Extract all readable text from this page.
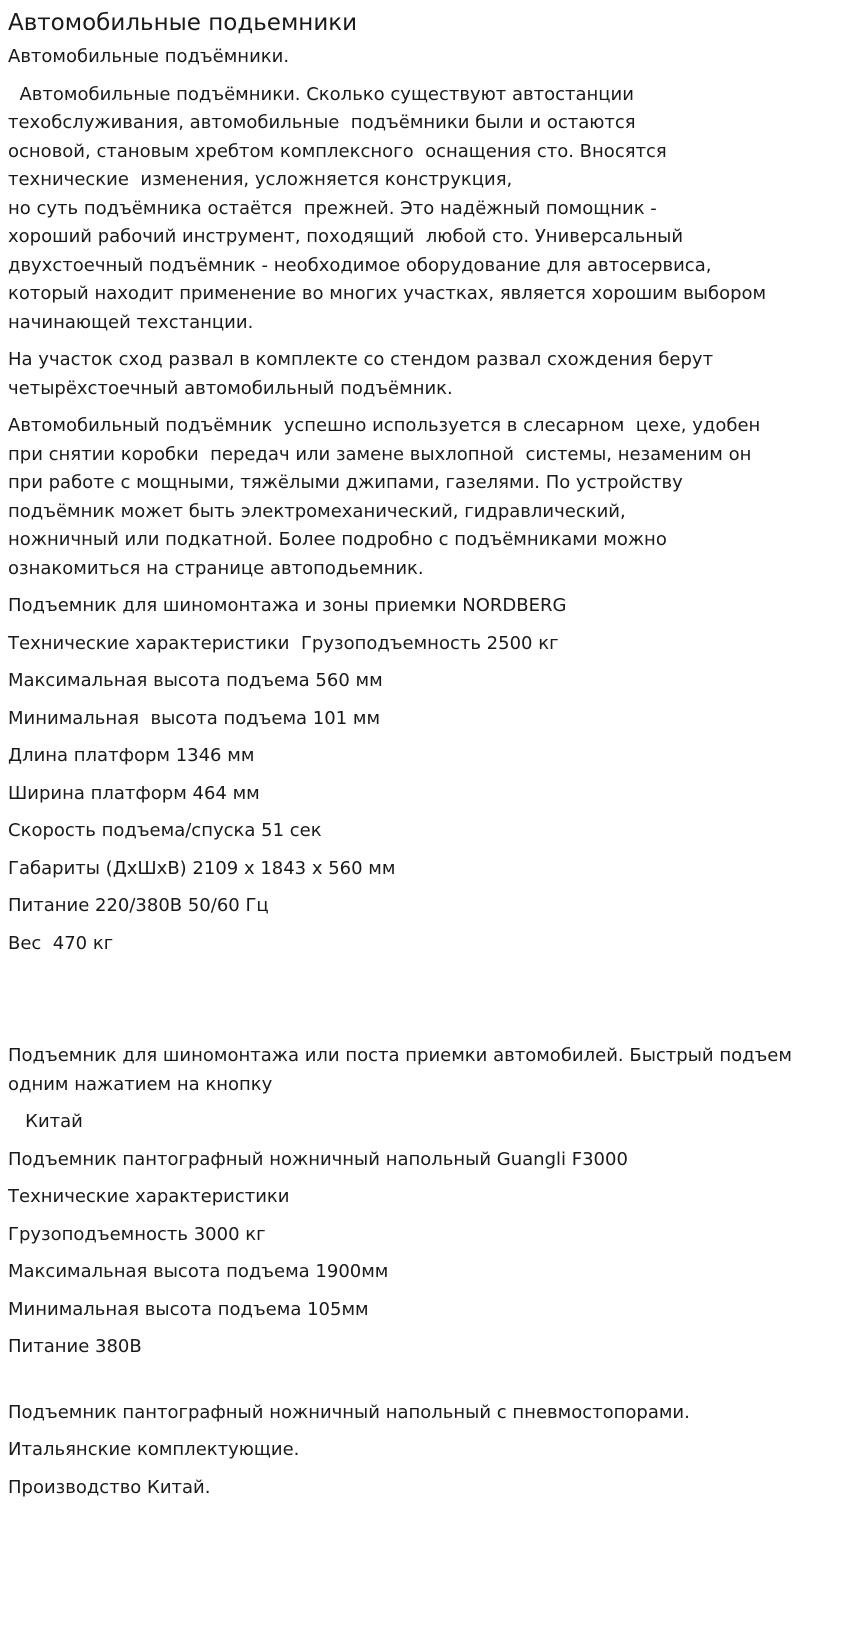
Автомобильные подьемники

Автомобильные подъёмники.

Автомобильные подъёмники. Сколько существуют автостанции
техобслуживания, автомобильные  подъёмники были и остаются
основой, становым хребтом комплексного  оснащения сто. Вносятся
технические  изменения, усложняется конструкция,
но суть подъёмника остаётся  прежней. Это надёжный помощник -
хороший рабочий инструмент, походящий  любой сто. Универсальный
двухстоечный подъёмник - необходимое оборудование для автосервиса,
который находит применение во многих участках, является хорошим выбором
начинающей техстанции.

На участок сход развал в комплекте со стендом развал схождения берут
четырёхстоечный автомобильный подъёмник.

Автомобильный подъёмник  успешно используется в слесарном  цехе, удобен
при снятии коробки  передач или замене выхлопной  системы, незаменим он
при работе с мощными, тяжёлыми джипами, газелями. По устройству
подъёмник может быть электромеханический, гидравлический,
ножничный или подкатной. Более подробно с подъёмниками можно
ознакомиться на странице автоподьемник.

Подъемник для шиномонтажа и зоны приемки NORDBERG

Технические характеристики  Грузоподъемность 2500 кг

Максимальная высота подъема 560 мм

Минимальная  высота подъема 101 мм

Длина платформ 1346 мм

Ширина платформ 464 мм

Скорость подъема/спуска 51 сек

Габариты (ДхШхВ) 2109 х 1843 х 560 мм

Питание 220/380В 50/60 Гц

Вес  470 кг

Подъемник для шиномонтажа или поста приемки автомобилей. Быстрый подъем
одним нажатием на кнопку

Китай

Подъемник пантографный ножничный напольный Guangli F3000

Технические характеристики

Грузоподъемность 3000 кг

Максимальная высота подъема 1900мм

Минимальная высота подъема 105мм

Питание 380В

Подъемник пантографный ножничный напольный с пневмостопорами.

Итальянские комплектующие.

Производство Китай.
